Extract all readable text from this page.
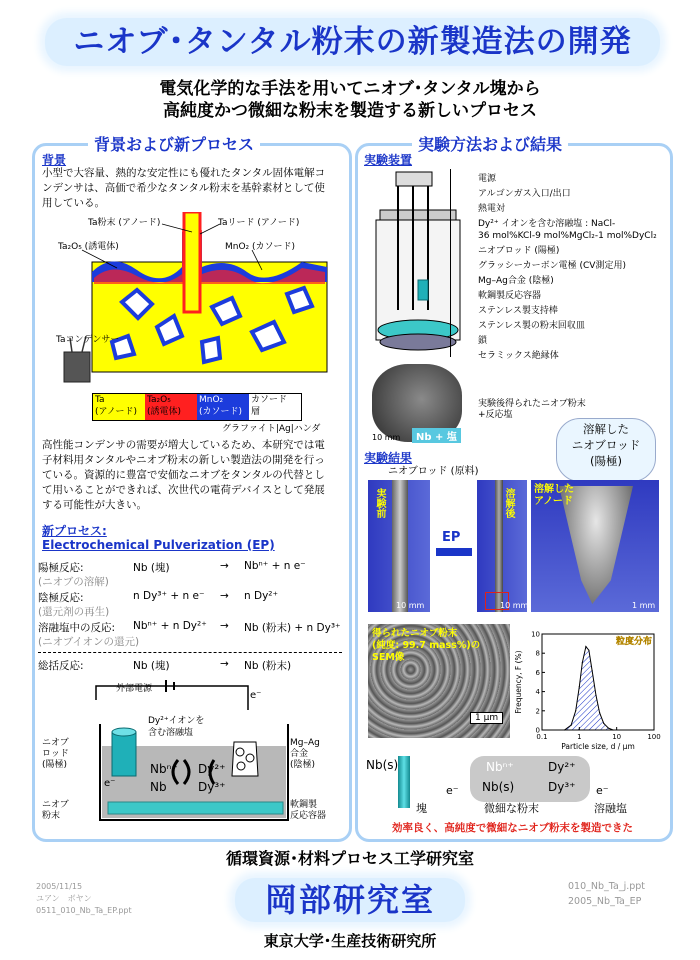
ニオブ･タンタル粉末の新製造法の開発
電気化学的な手法を用いてニオブ･タンタル塊から
高純度かつ微細な粉末を製造する新しいプロセス
背景および新プロセス
背景
小型で大容量、熱的な安定性にも優れたタンタル固体電解コンデンサは、高価で希少なタンタル粉末を基幹素材として使用している。
Ta粉末 (アノード)	Taリード (アノード)
Ta₂O₅ (誘電体)	MnO₂ (カソード)
Taコンデンサー
Ta
(アノード)
Ta₂O₅
(誘電体)
MnO₂
(カソード)
カソード
層
グラファイト|Ag|ハンダ
高性能コンデンサの需要が増大しているため、本研究では電子材料用タンタルやニオブ粉末の新しい製造法の開発を行っている。資源的に豊富で安価なニオブをタンタルの代替として用いることができれば、次世代の電荷デバイスとして発展する可能性が大きい。
新プロセス:
Electrochemical Pulverization (EP)
陽極反応:	Nb (塊)	→ Nbⁿ⁺ + n e⁻
(ニオブの溶解)
陰極反応:	n Dy³⁺ + n e⁻ → n Dy²⁺
(還元剤の再生)
溶融塩中の反応: Nbⁿ⁺ + n Dy²⁺ → Nb (粉末) + n Dy³⁺
(ニオブイオンの還元)
総括反応:	Nb (塊)	→ Nb (粉末)
外部電源
Dy²⁺イオンを
含む溶融塩
ニオブ
ロッド
(陽極)
Mg–Ag
合金
(陰極)
ニオブ
粉末
軟鋼製
反応容器
Nbⁿ⁺
Nb
Dy²⁺
Dy³⁺
e⁻
e⁻
実験方法および結果
実験装置
電源
アルゴンガス入口/出口
熱電対
Dy²⁺ イオンを含む溶融塩 : NaCl-
36 mol%KCl-9 mol%MgCl₂-1 mol%DyCl₂
ニオブロッド (陽極)
グラッシーカーボン電極 (CV測定用)
Mg–Ag合金 (陰極)
軟鋼製反応容器
ステンレス製支持棒
ステンレス製の粉末回収皿
鎖
セラミックス絶縁体
10 mm	Nb + 塩
実験後得られたニオブ粉末
+反応塩
溶解した
ニオブロッド
(陽極)
実験結果
ニオブロッド (原料)
実験前
10 mm
EP
溶解後
10 mm
溶解した
アノード
1 mm
得られたニオブ粉末
(純度: 99.7 mass%)の
SEM像
1 μm
0.1	1	10	100
0
2
4
6
8
10
粒度分布
Particle size, d / μm
Frequency, F (%)
Nb(s)	Nbⁿ⁺	Dy²⁺
Nb(s)	Dy³⁺
e⁻	e⁻
塊	微細な粉末	溶融塩
効率良く、高純度で微細なニオブ粉末を製造できた
循環資源･材料プロセス工学研究室
岡部研究室
東京大学･生産技術研究所
2005/11/15
ユアン　ボヤン
0511_010_Nb_Ta_EP.ppt
010_Nb_Ta_j.ppt
2005_Nb_Ta_EP
